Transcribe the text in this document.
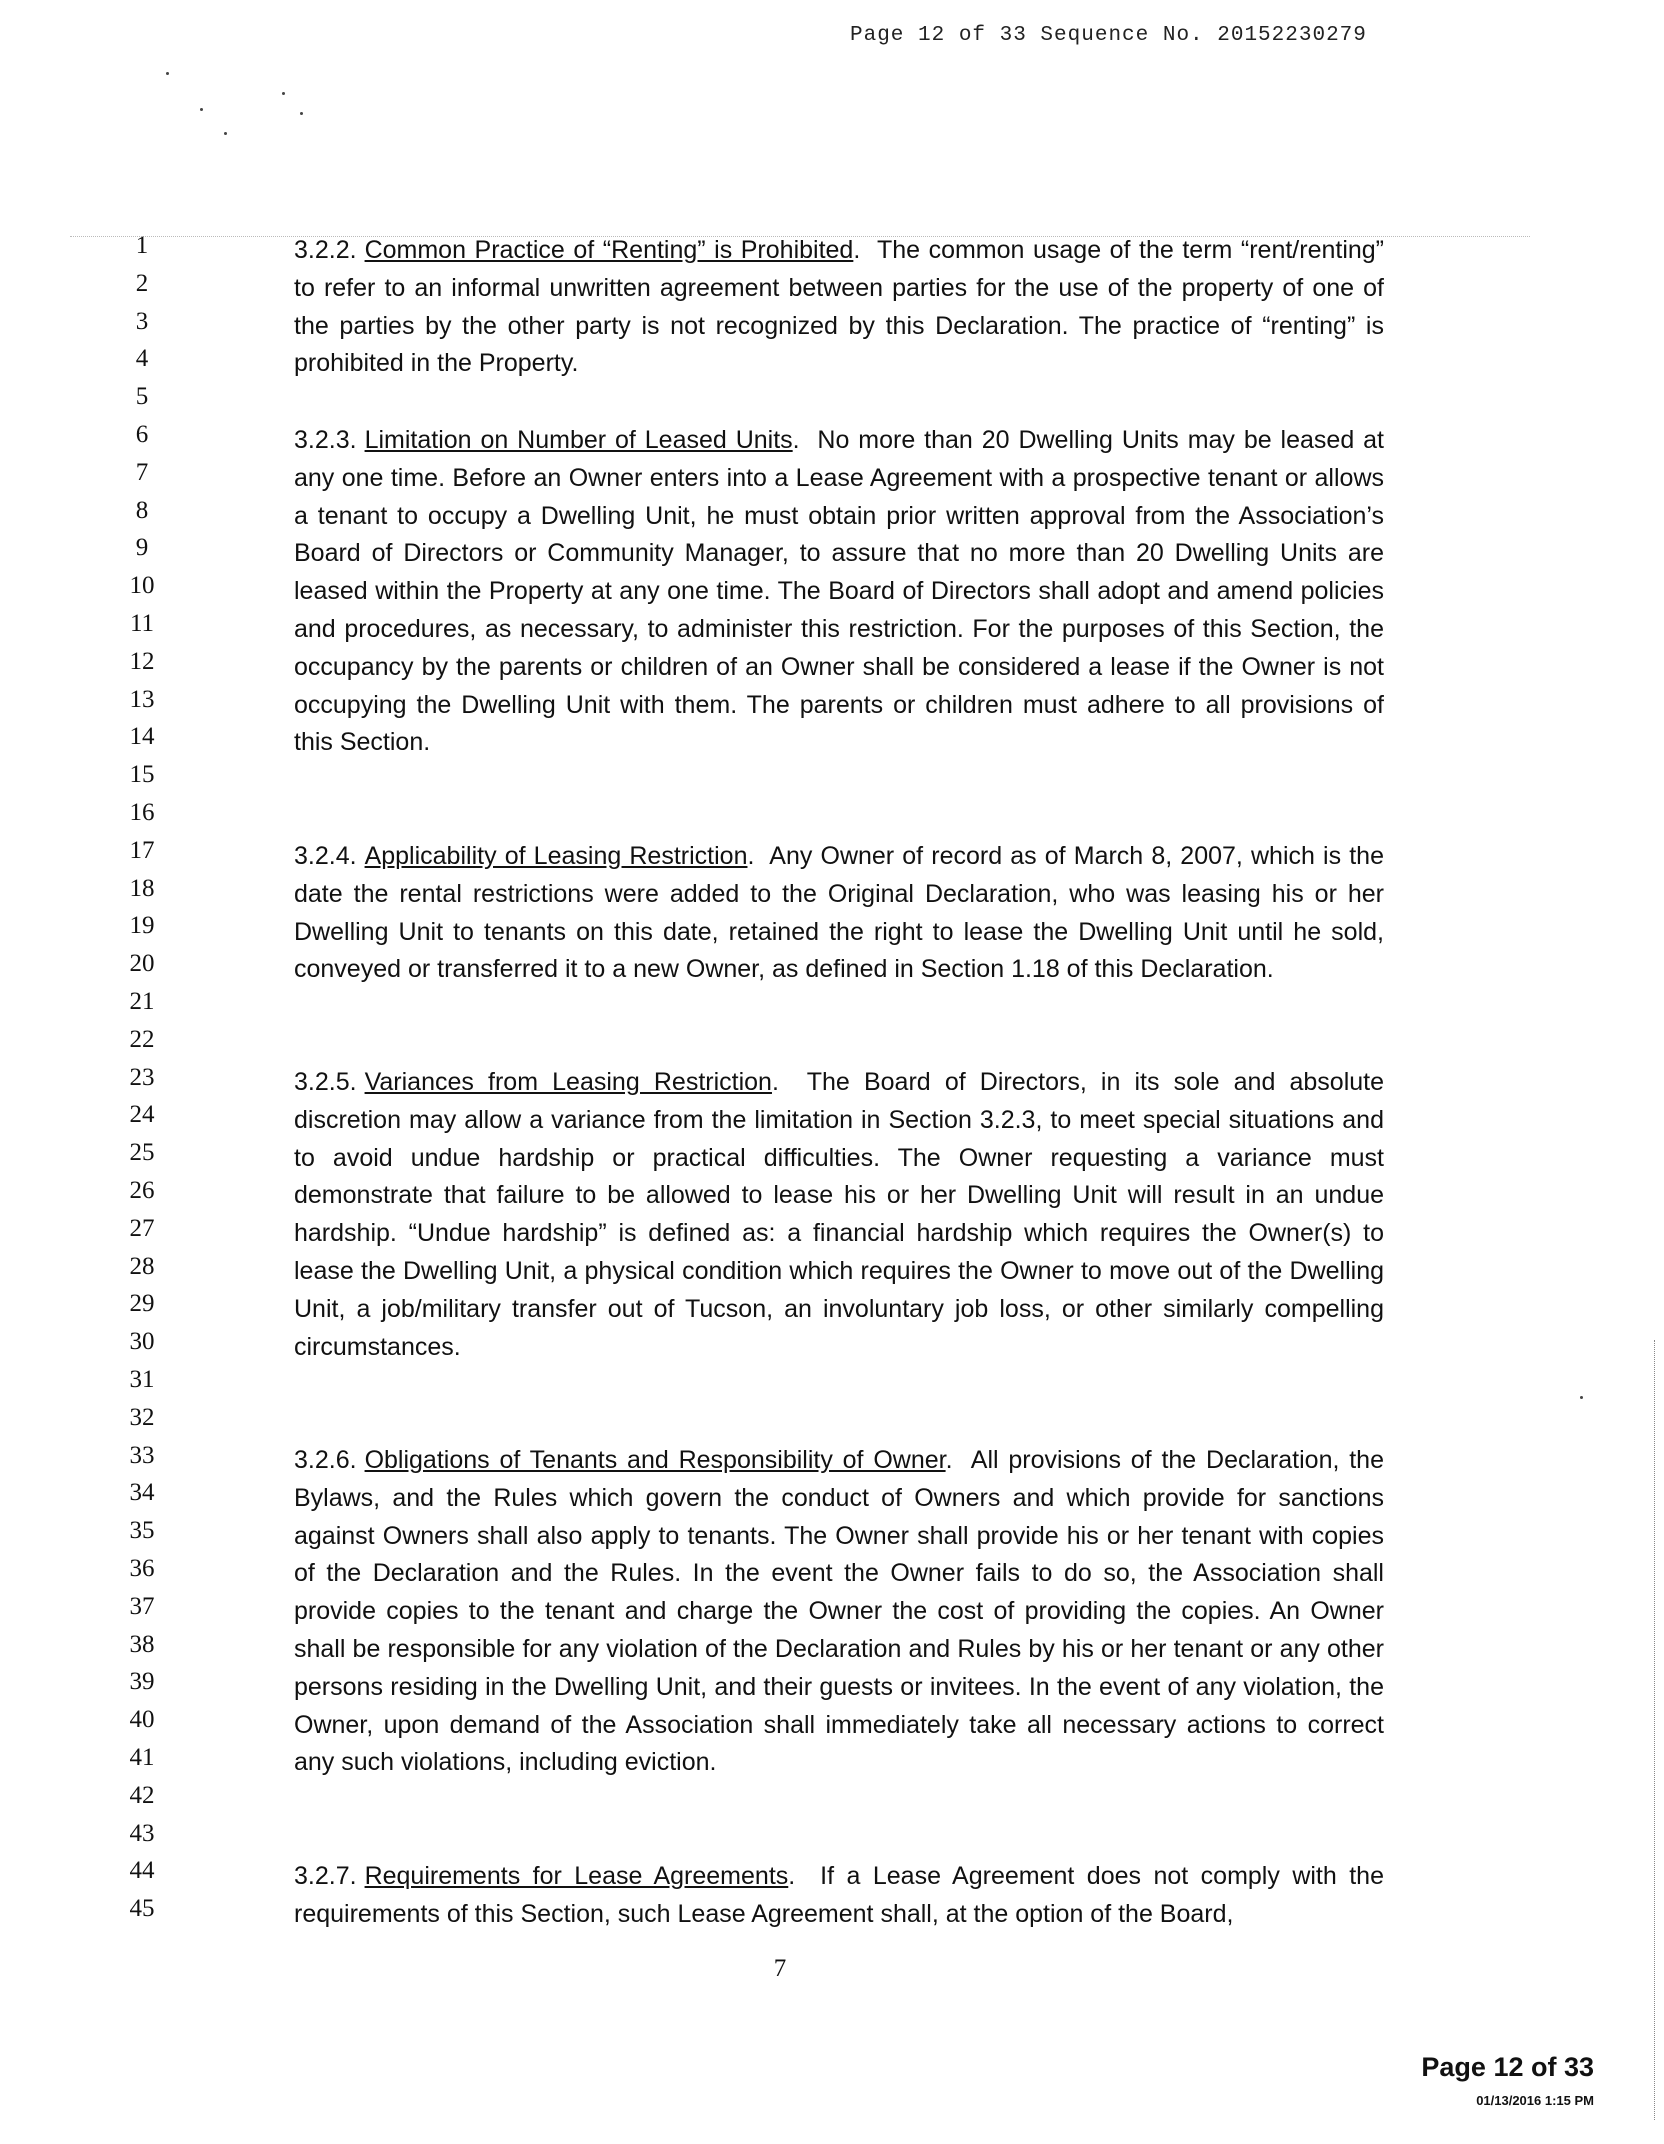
Page 12 of 33 Sequence No. 20152230279
1
2
3
4
5
6
7
8
9
10
11
12
13
14
15
16
17
18
19
20
21
22
23
24
25
26
27
28
29
30
31
32
33
34
35
36
37
38
39
40
41
42
43
44
45
3.2.2. Common Practice of “Renting” is Prohibited.  The common usage of the term “rent/renting” to refer to an informal unwritten agreement between parties for the use of the property of one of the parties by the other party is not recognized by this Declaration. The practice of “renting” is prohibited in the Property.
3.2.3. Limitation on Number of Leased Units.  No more than 20 Dwelling Units may be leased at any one time. Before an Owner enters into a Lease Agreement with a prospective tenant or allows a tenant to occupy a Dwelling Unit, he must obtain prior written approval from the Association’s Board of Directors or Community Manager, to assure that no more than 20 Dwelling Units are leased within the Property at any one time. The Board of Directors shall adopt and amend policies and procedures, as necessary, to administer this restriction. For the purposes of this Section, the occupancy by the parents or children of an Owner shall be considered a lease if the Owner is not occupying the Dwelling Unit with them. The parents or children must adhere to all provisions of this Section.
3.2.4. Applicability of Leasing Restriction.  Any Owner of record as of March 8, 2007, which is the date the rental restrictions were added to the Original Declaration, who was leasing his or her Dwelling Unit to tenants on this date, retained the right to lease the Dwelling Unit until he sold, conveyed or transferred it to a new Owner, as defined in Section 1.18 of this Declaration.
3.2.5. Variances from Leasing Restriction.  The Board of Directors, in its sole and absolute discretion may allow a variance from the limitation in Section 3.2.3, to meet special situations and to avoid undue hardship or practical difficulties. The Owner requesting a variance must demonstrate that failure to be allowed to lease his or her Dwelling Unit will result in an undue hardship. “Undue hardship” is defined as: a financial hardship which requires the Owner(s) to lease the Dwelling Unit, a physical condition which requires the Owner to move out of the Dwelling Unit, a job/military transfer out of Tucson, an involuntary job loss, or other similarly compelling circumstances.
3.2.6. Obligations of Tenants and Responsibility of Owner.  All provisions of the Declaration, the Bylaws, and the Rules which govern the conduct of Owners and which provide for sanctions against Owners shall also apply to tenants. The Owner shall provide his or her tenant with copies of the Declaration and the Rules. In the event the Owner fails to do so, the Association shall provide copies to the tenant and charge the Owner the cost of providing the copies. An Owner shall be responsible for any violation of the Declaration and Rules by his or her tenant or any other persons residing in the Dwelling Unit, and their guests or invitees. In the event of any violation, the Owner, upon demand of the Association shall immediately take all necessary actions to correct any such violations, including eviction.
3.2.7. Requirements for Lease Agreements.  If a Lease Agreement does not comply with the requirements of this Section, such Lease Agreement shall, at the option of the Board,
7
Page 12 of 33
01/13/2016 1:15 PM
